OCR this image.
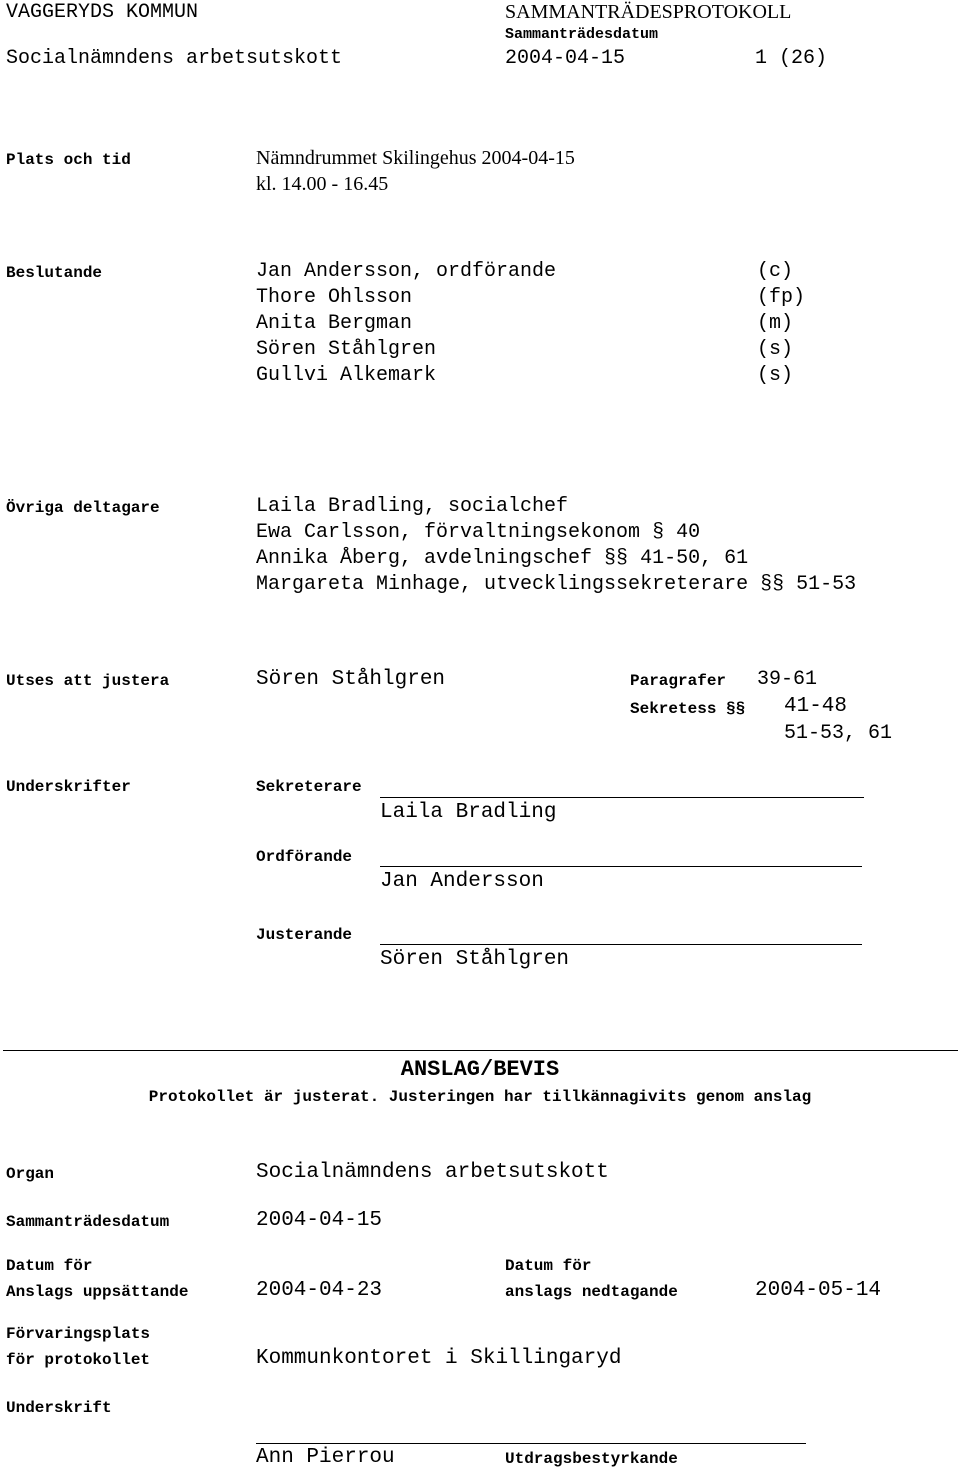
VAGGERYDS KOMMUN	SAMMANTRÄDESPROTOKOLL
Sammanträdesdatum
Socialnämndens arbetsutskott	2004-04-15	1 (26)
Plats och tid	Nämndrummet Skilingehus 2004-04-15
kl. 14.00 - 16.45
Beslutande	Jan Andersson, ordförande	(c)
Thore Ohlsson	(fp)
Anita Bergman	(m)
Sören Ståhlgren	(s)
Gullvi Alkemark	(s)
Övriga deltagare	Laila Bradling, socialchef
Ewa Carlsson, förvaltningsekonom § 40
Annika Åberg, avdelningschef §§ 41-50, 61
Margareta Minhage, utvecklingssekreterare §§ 51-53
Utses att justera	Sören Ståhlgren	Paragrafer 39-61
Sekretess §§ 41-48
51-53, 61
Underskrifter	Sekreterare
Laila Bradling
Ordförande
Jan Andersson
Justerande
Sören Ståhlgren
ANSLAG/BEVIS
Protokollet är justerat. Justeringen har tillkännagivits genom anslag
Organ	Socialnämndens arbetsutskott
Sammanträdesdatum	2004-04-15
Datum för
Anslags uppsättande	2004-04-23
Datum för
anslags nedtagande	2004-05-14
Förvaringsplats
för protokollet	Kommunkontoret i Skillingaryd
Underskrift
Ann Pierrou	Utdragsbestyrkande
